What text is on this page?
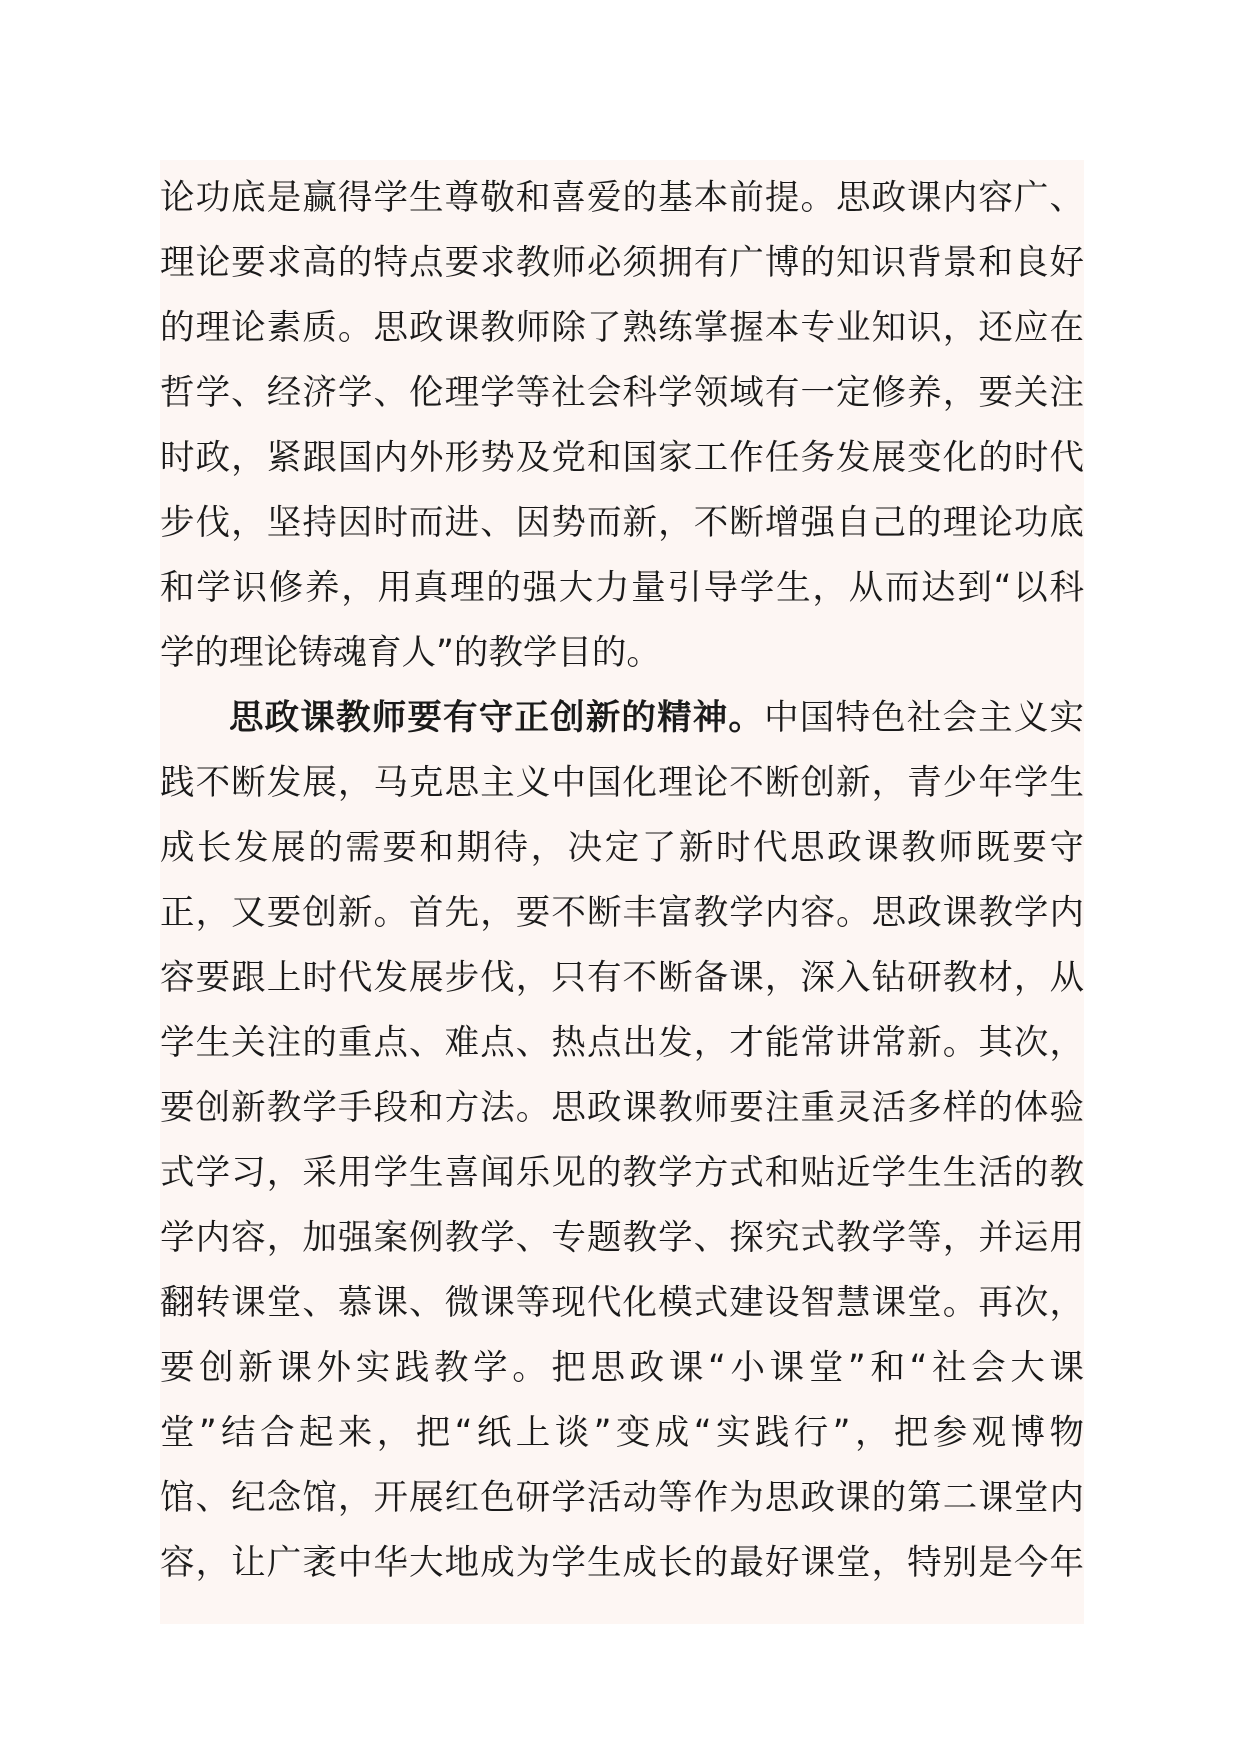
论功底是赢得学生尊敬和喜爱的基本前提。思政课内容广、
理论要求高的特点要求教师必须拥有广博的知识背景和良好
的理论素质。思政课教师除了熟练掌握本专业知识，还应在
哲学、经济学、伦理学等社会科学领域有一定修养，要关注
时政，紧跟国内外形势及党和国家工作任务发展变化的时代
步伐，坚持因时而进、因势而新，不断增强自己的理论功底
和学识修养，用真理的强大力量引导学生，从而达到“以科
学的理论铸魂育人”的教学目的。
思政课教师要有守正创新的精神。中国特色社会主义实
践不断发展，马克思主义中国化理论不断创新，青少年学生
成长发展的需要和期待，决定了新时代思政课教师既要守
正，又要创新。首先，要不断丰富教学内容。思政课教学内
容要跟上时代发展步伐，只有不断备课，深入钻研教材，从
学生关注的重点、难点、热点出发，才能常讲常新。其次，
要创新教学手段和方法。思政课教师要注重灵活多样的体验
式学习，采用学生喜闻乐见的教学方式和贴近学生生活的教
学内容，加强案例教学、专题教学、探究式教学等，并运用
翻转课堂、慕课、微课等现代化模式建设智慧课堂。再次，
要创新课外实践教学。把思政课“小课堂”和“社会大课
堂”结合起来，把“纸上谈”变成“实践行”，把参观博物
馆、纪念馆，开展红色研学活动等作为思政课的第二课堂内
容，让广袤中华大地成为学生成长的最好课堂，特别是今年
